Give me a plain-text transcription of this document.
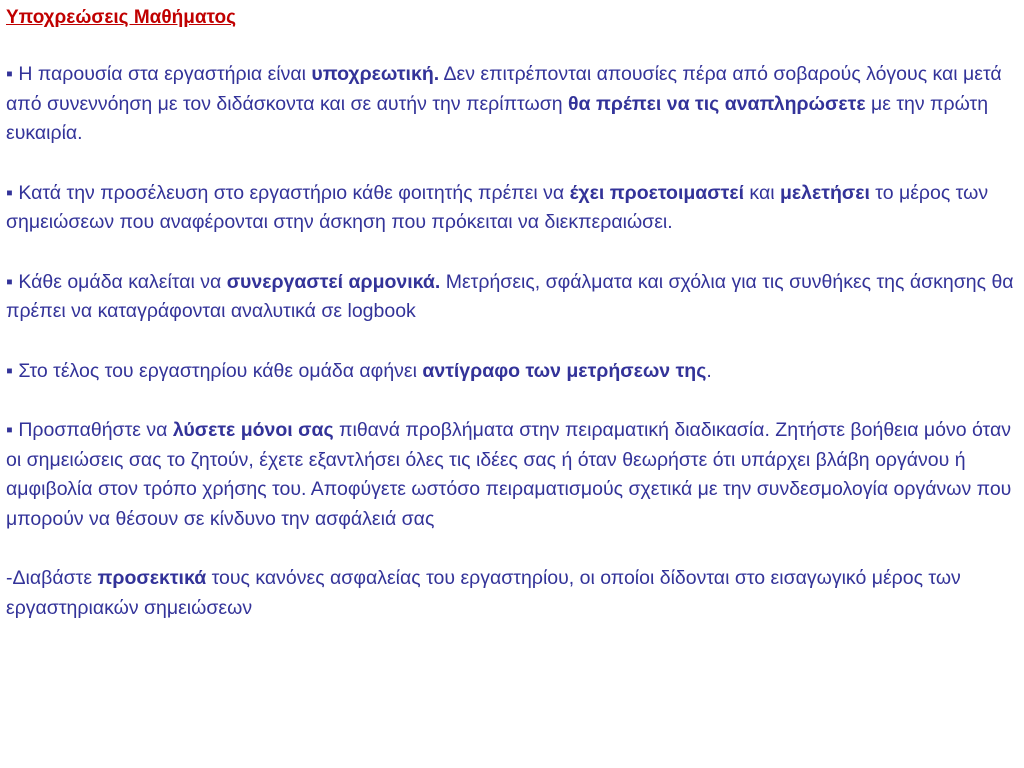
Υποχρεώσεις Μαθήματος

▪ Η παρουσία στα εργαστήρια είναι υποχρεωτική. Δεν επιτρέπονται απουσίες πέρα από σοβαρούς λόγους και μετά από συνεννόηση με τον διδάσκοντα και σε αυτήν την περίπτωση θα πρέπει να τις αναπληρώσετε με την πρώτη ευκαιρία.

▪ Κατά την προσέλευση στο εργαστήριο κάθε φοιτητής πρέπει να έχει προετοιμαστεί και μελετήσει το μέρος των σημειώσεων που αναφέρονται στην άσκηση που πρόκειται να διεκπεραιώσει.

▪ Κάθε ομάδα καλείται να συνεργαστεί αρμονικά. Μετρήσεις, σφάλματα και σχόλια για τις συνθήκες της άσκησης θα πρέπει να καταγράφονται αναλυτικά σε logbook

▪ Στο τέλος του εργαστηρίου κάθε ομάδα αφήνει αντίγραφο των μετρήσεων της.

▪ Προσπαθήστε να λύσετε μόνοι σας πιθανά προβλήματα στην πειραματική διαδικασία. Ζητήστε βοήθεια μόνο όταν οι σημειώσεις σας το ζητούν, έχετε εξαντλήσει όλες τις ιδέες σας ή όταν θεωρήστε ότι υπάρχει βλάβη οργάνου ή αμφιβολία στον τρόπο χρήσης του. Αποφύγετε ωστόσο πειραματισμούς σχετικά με την συνδεσμολογία οργάνων που μπορούν να θέσουν σε κίνδυνο την ασφάλειά σας

-Διαβάστε προσεκτικά τους κανόνες ασφαλείας του εργαστηρίου, οι οποίοι δίδονται στο εισαγωγικό μέρος των εργαστηριακών σημειώσεων
